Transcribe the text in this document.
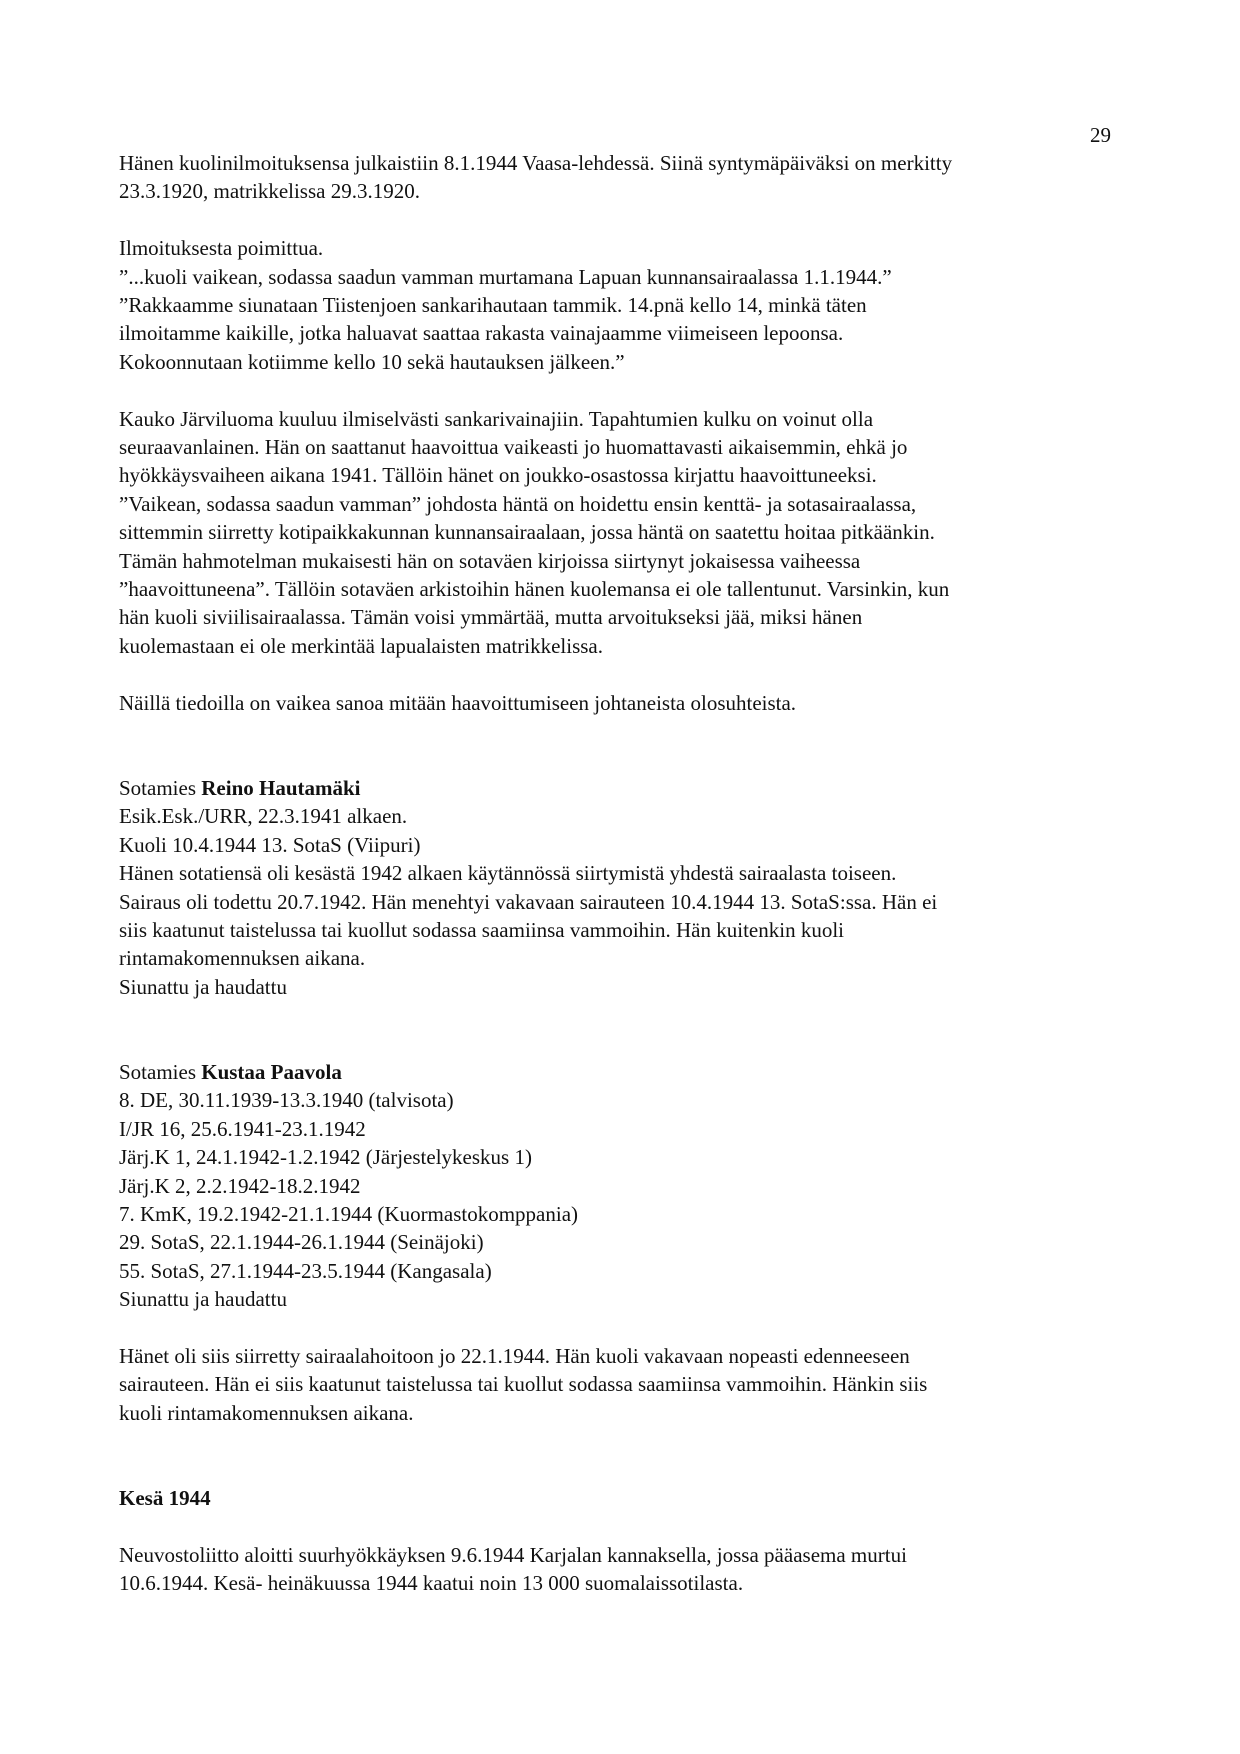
29

Hänen kuolinilmoituksensa julkaistiin 8.1.1944 Vaasa-lehdessä. Siinä syntymäpäiväksi on merkitty
23.3.1920, matrikkelissa 29.3.1920.

Ilmoituksesta poimittua.
”...kuoli vaikean, sodassa saadun vamman murtamana Lapuan kunnansairaalassa 1.1.1944.”
”Rakkaamme siunataan Tiistenjoen sankarihautaan tammik. 14.pnä kello 14, minkä täten
ilmoitamme kaikille, jotka haluavat saattaa rakasta vainajaamme viimeiseen lepoonsa.
Kokoonnutaan kotiimme kello 10 sekä hautauksen jälkeen.”

Kauko Järviluoma kuuluu ilmiselvästi sankarivainajiin. Tapahtumien kulku on voinut olla
seuraavanlainen. Hän on saattanut haavoittua vaikeasti jo huomattavasti aikaisemmin, ehkä jo
hyökkäysvaiheen aikana 1941. Tällöin hänet on joukko-osastossa kirjattu haavoittuneeksi.
”Vaikean, sodassa saadun vamman” johdosta häntä on hoidettu ensin kenttä- ja sotasairaalassa,
sittemmin siirretty kotipaikkakunnan kunnansairaalaan, jossa häntä on saatettu hoitaa pitkäänkin.
Tämän hahmotelman mukaisesti hän on sotaväen kirjoissa siirtynyt jokaisessa vaiheessa
”haavoittuneena”. Tällöin sotaväen arkistoihin hänen kuolemansa ei ole tallentunut. Varsinkin, kun
hän kuoli siviilisairaalassa. Tämän voisi ymmärtää, mutta arvoitukseksi jää, miksi hänen
kuolemastaan ei ole merkintää lapualaisten matrikkelissa.

Näillä tiedoilla on vaikea sanoa mitään haavoittumiseen johtaneista olosuhteista.

Sotamies Reino Hautamäki
Esik.Esk./URR, 22.3.1941 alkaen.
Kuoli 10.4.1944 13. SotaS (Viipuri)
Hänen sotatiensä oli kesästä 1942 alkaen käytännössä siirtymistä yhdestä sairaalasta toiseen.
Sairaus oli todettu 20.7.1942. Hän menehtyi vakavaan sairauteen 10.4.1944 13. SotaS:ssa. Hän ei
siis kaatunut taistelussa tai kuollut sodassa saamiinsa vammoihin. Hän kuitenkin kuoli
rintamakomennuksen aikana.
Siunattu ja haudattu
Sotamies Kustaa Paavola
8. DE, 30.11.1939-13.3.1940 (talvisota)
I/JR 16, 25.6.1941-23.1.1942
Järj.K 1, 24.1.1942-1.2.1942 (Järjestelykeskus 1)
Järj.K 2, 2.2.1942-18.2.1942
7. KmK, 19.2.1942-21.1.1944 (Kuormastokomppania)
29. SotaS, 22.1.1944-26.1.1944 (Seinäjoki)
55. SotaS, 27.1.1944-23.5.1944 (Kangasala)
Siunattu ja haudattu

Hänet oli siis siirretty sairaalahoitoon jo 22.1.1944. Hän kuoli vakavaan nopeasti edenneeseen
sairauteen. Hän ei siis kaatunut taistelussa tai kuollut sodassa saamiinsa vammoihin. Hänkin siis
kuoli rintamakomennuksen aikana.

Kesä 1944
Neuvostoliitto aloitti suurhyökkäyksen 9.6.1944 Karjalan kannaksella, jossa pääasema murtui
10.6.1944. Kesä- heinäkuussa 1944 kaatui noin 13 000 suomalaissotilasta.
